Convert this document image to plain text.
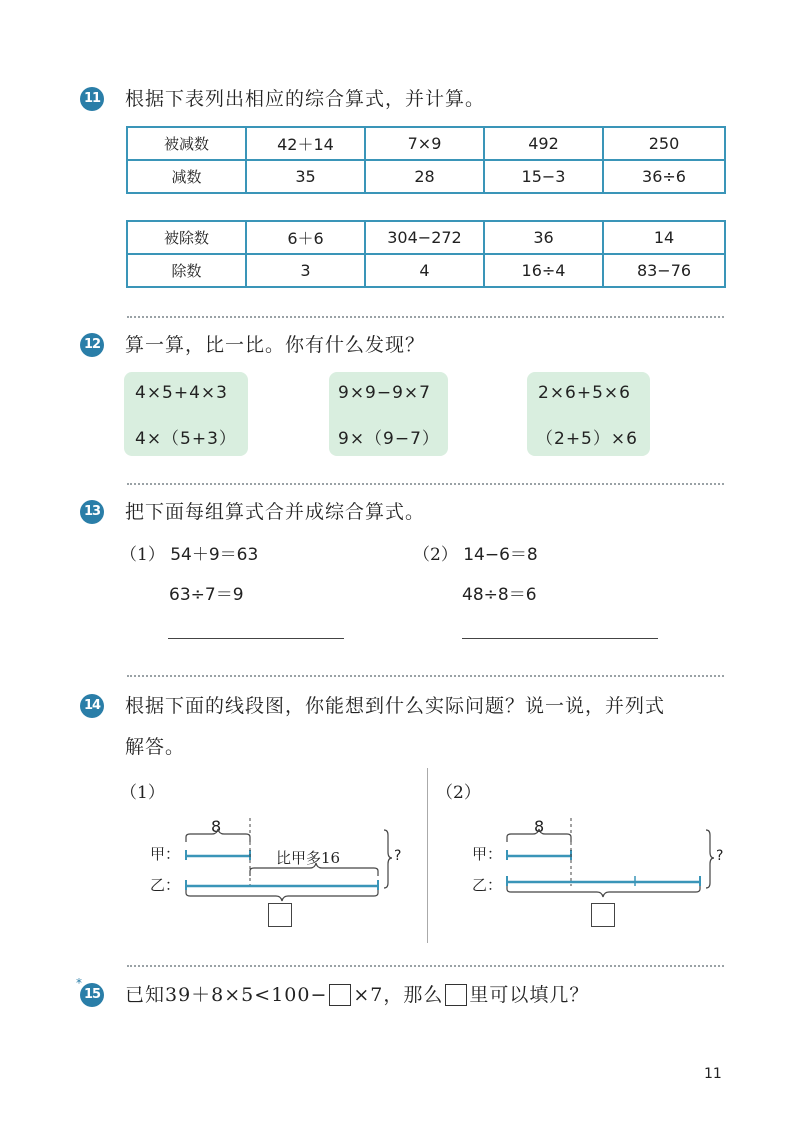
11 根据下表列出相应的综合算式，并计算。
被减数	42＋14	7×9	492	250
减数	35	28	15−3	36÷6
被除数	6＋6	304−272	36	14
除数	3	4	16÷4	83−76
12 算一算，比一比。你有什么发现？
4×5+4×3
4×（5+3）
9×9−9×7
9×（9−7）
2×6+5×6
（2+5）×6
13 把下面每组算式合并成综合算式。
（1） 54＋9＝63
63÷7＝9
（2） 14−6＝8
48÷8＝6
14 根据下面的线段图，你能想到什么实际问题？说一说，并列式
解答。
（1）	（2）
8
甲：
乙：
比甲多16	?
8
甲：
乙：
?
*
15 已知39＋8×5<100− ×7，那么 里可以填几？
11
